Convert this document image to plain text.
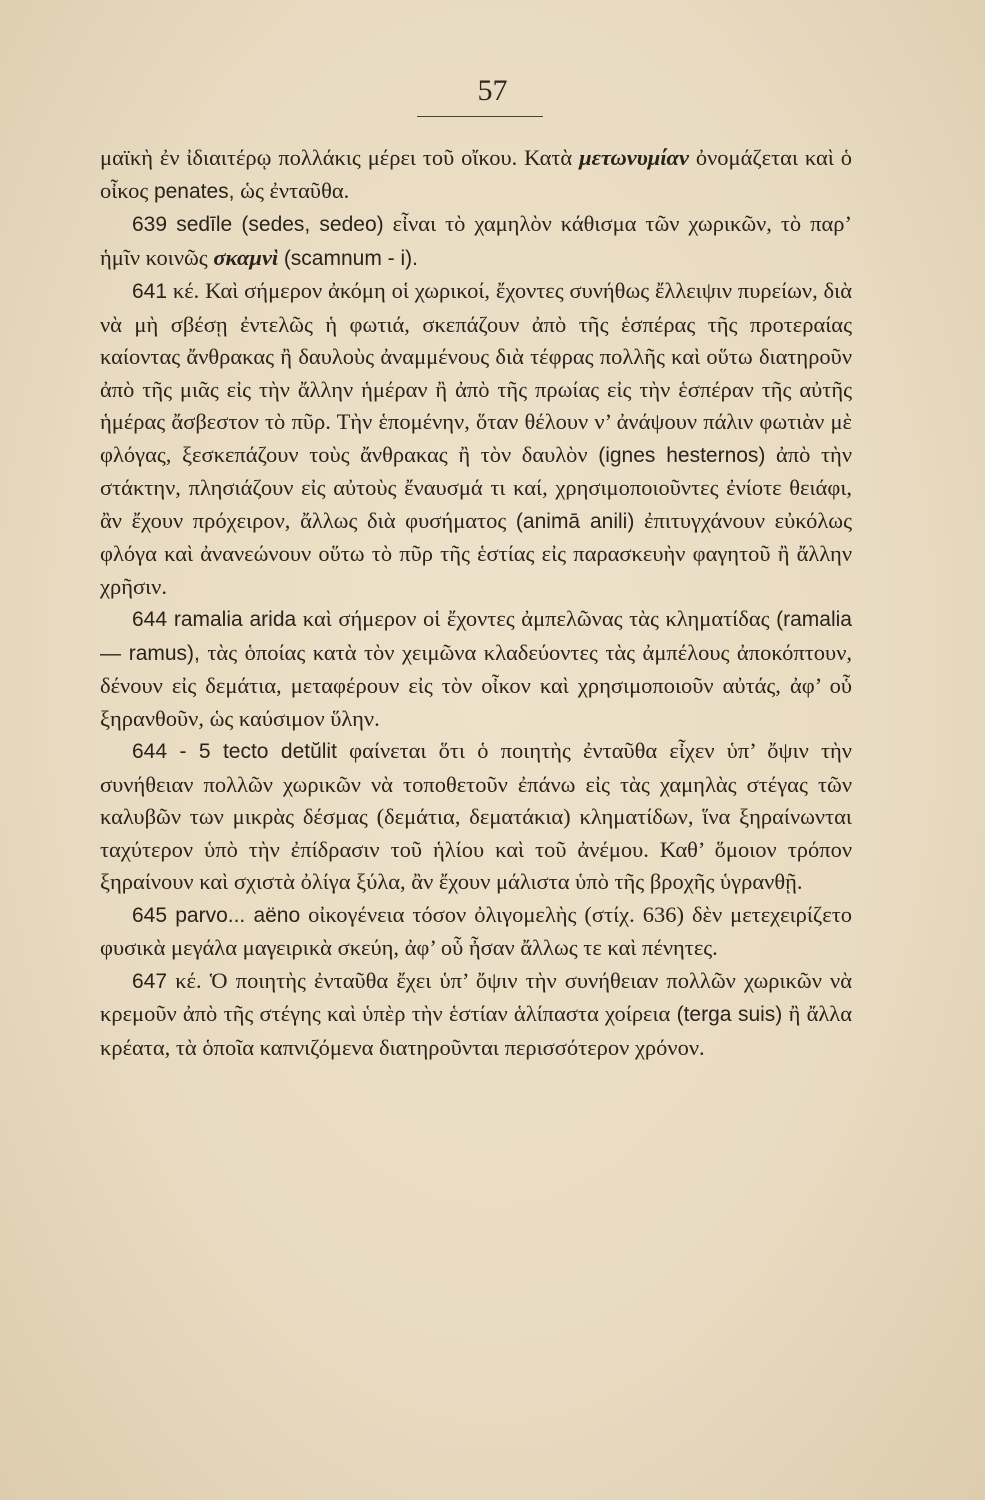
57

μαϊκὴ ἐν ἰδιαιτέρῳ πολλάκις μέρει τοῦ οἴκου. Κατὰ μετωνυμίαν ὀνομάζεται καὶ ὁ οἶκος penates, ὡς ἐνταῦθα.

639 sedīle (sedes, sedeo) εἶναι τὸ χαμηλὸν κάθισμα τῶν χωρικῶν, τὸ παρ’ ἡμῖν κοινῶς σκαμνὶ (scamnum - i).

641 κέ. Καὶ σήμερον ἀκόμη οἱ χωρικοί, ἔχοντες συνήθως ἔλλειψιν πυρείων, διὰ νὰ μὴ σβέσῃ ἐντελῶς ἡ φωτιά, σκεπάζουν ἀπὸ τῆς ἑσπέρας τῆς προτεραίας καίοντας ἄνθρακας ἢ δαυλοὺς ἀναμμένους διὰ τέφρας πολλῆς καὶ οὕτω διατηροῦν ἀπὸ τῆς μιᾶς εἰς τὴν ἄλλην ἡμέραν ἢ ἀπὸ τῆς πρωίας εἰς τὴν ἑσπέραν τῆς αὐτῆς ἡμέρας ἄσβεστον τὸ πῦρ. Τὴν ἑπομένην, ὅταν θέλουν ν’ ἀνάψουν πάλιν φωτιὰν μὲ φλόγας, ξεσκεπάζουν τοὺς ἄνθρακας ἢ τὸν δαυλὸν (ignes hesternos) ἀπὸ τὴν στάκτην, πλησιάζουν εἰς αὐτοὺς ἔναυσμά τι καί, χρησιμοποιοῦντες ἐνίοτε θειάφι, ἂν ἔχουν πρόχειρον, ἄλλως διὰ φυσήματος (animā anili) ἐπιτυγχάνουν εὐκόλως φλόγα καὶ ἀνανεώνουν οὕτω τὸ πῦρ τῆς ἑστίας εἰς παρασκευὴν φαγητοῦ ἢ ἄλλην χρῆσιν.

644 ramalia arida καὶ σήμερον οἱ ἔχοντες ἀμπελῶνας τὰς κληματίδας (ramalia — ramus), τὰς ὁποίας κατὰ τὸν χειμῶνα κλαδεύοντες τὰς ἀμπέλους ἀποκόπτουν, δένουν εἰς δεμάτια, μεταφέρουν εἰς τὸν οἶκον καὶ χρησιμοποιοῦν αὐτάς, ἀφ’ οὗ ξηρανθοῦν, ὡς καύσιμον ὕλην.

644 - 5 tecto detŭlit φαίνεται ὅτι ὁ ποιητὴς ἐνταῦθα εἶχεν ὑπ’ ὄψιν τὴν συνήθειαν πολλῶν χωρικῶν νὰ τοποθετοῦν ἐπάνω εἰς τὰς χαμηλὰς στέγας τῶν καλυβῶν των μικρὰς δέσμας (δεμάτια, δεματάκια) κληματίδων, ἵνα ξηραίνωνται ταχύτερον ὑπὸ τὴν ἐπίδρασιν τοῦ ἡλίου καὶ τοῦ ἀνέμου. Καθ’ ὅμοιον τρόπον ξηραίνουν καὶ σχιστὰ ὀλίγα ξύλα, ἂν ἔχουν μάλιστα ὑπὸ τῆς βροχῆς ὑγρανθῇ.

645 parvo... aëno οἰκογένεια τόσον ὀλιγομελὴς (στίχ. 636) δὲν μετεχειρίζετο φυσικὰ μεγάλα μαγειρικὰ σκεύη, ἀφ’ οὗ ἦσαν ἄλλως τε καὶ πένητες.

647 κέ. Ὁ ποιητὴς ἐνταῦθα ἔχει ὑπ’ ὄψιν τὴν συνήθειαν πολλῶν χωρικῶν νὰ κρεμοῦν ἀπὸ τῆς στέγης καὶ ὑπὲρ τὴν ἑστίαν ἁλίπαστα χοίρεια (terga suis) ἢ ἄλλα κρέατα, τὰ ὁποῖα καπνιζόμενα διατηροῦνται περισσότερον χρόνον.
